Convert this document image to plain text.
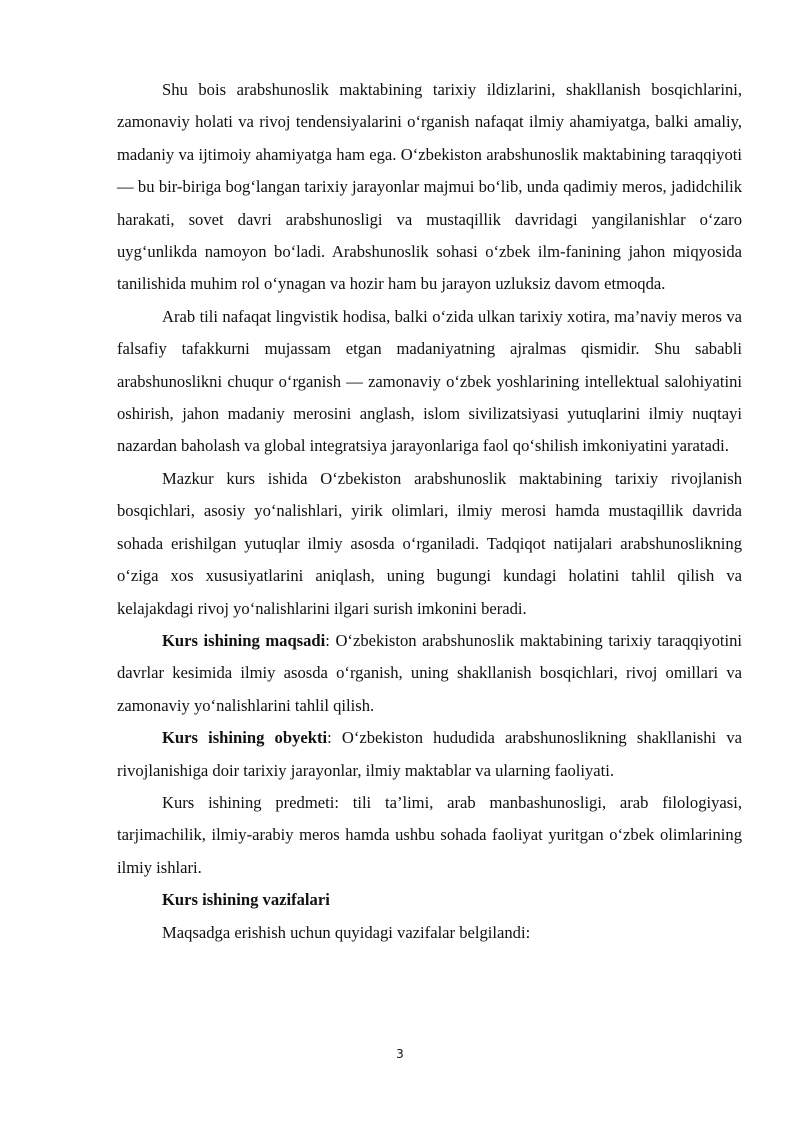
Shu bois arabshunoslik maktabining tarixiy ildizlarini, shakllanish bosqichlarini, zamonaviy holati va rivoj tendensiyalarini o‘rganish nafaqat ilmiy ahamiyatga, balki amaliy, madaniy va ijtimoiy ahamiyatga ham ega. O‘zbekiston arabshunoslik maktabining taraqqiyoti — bu bir-biriga bog‘langan tarixiy jarayonlar majmui bo‘lib, unda qadimiy meros, jadidchilik harakati, sovet davri arabshunosligi va mustaqillik davridagi yangilanishlar o‘zaro uyg‘unlikda namoyon bo‘ladi. Arabshunoslik sohasi o‘zbek ilm-fanining jahon miqyosida tanilishida muhim rol o‘ynagan va hozir ham bu jarayon uzluksiz davom etmoqda.

Arab tili nafaqat lingvistik hodisa, balki o‘zida ulkan tarixiy xotira, ma’naviy meros va falsafiy tafakkurni mujassam etgan madaniyatning ajralmas qismidir. Shu sababli arabshunoslikni chuqur o‘rganish — zamonaviy o‘zbek yoshlarining intellektual salohiyatini oshirish, jahon madaniy merosini anglash, islom sivilizatsiyasi yutuqlarini ilmiy nuqtayi nazardan baholash va global integratsiya jarayonlariga faol qo‘shilish imkoniyatini yaratadi.

Mazkur kurs ishida O‘zbekiston arabshunoslik maktabining tarixiy rivojlanish bosqichlari, asosiy yo‘nalishlari, yirik olimlari, ilmiy merosi hamda mustaqillik davrida sohada erishilgan yutuqlar ilmiy asosda o‘rganiladi. Tadqiqot natijalari arabshunoslikning o‘ziga xos xususiyatlarini aniqlash, uning bugungi kundagi holatini tahlil qilish va kelajakdagi rivoj yo‘nalishlarini ilgari surish imkonini beradi.

Kurs ishining maqsadi: O‘zbekiston arabshunoslik maktabining tarixiy taraqqiyotini davrlar kesimida ilmiy asosda o‘rganish, uning shakllanish bosqichlari, rivoj omillari va zamonaviy yo‘nalishlarini tahlil qilish.

Kurs ishining obyekti: O‘zbekiston hududida arabshunoslikning shakllanishi va rivojlanishiga doir tarixiy jarayonlar, ilmiy maktablar va ularning faoliyati.

Kurs ishining predmeti: tili ta’limi, arab manbashunosligi, arab filologiyasi, tarjimachilik, ilmiy-arabiy meros hamda ushbu sohada faoliyat yuritgan o‘zbek olimlarining ilmiy ishlari.

Kurs ishining vazifalari

Maqsadga erishish uchun quyidagi vazifalar belgilandi:

3
